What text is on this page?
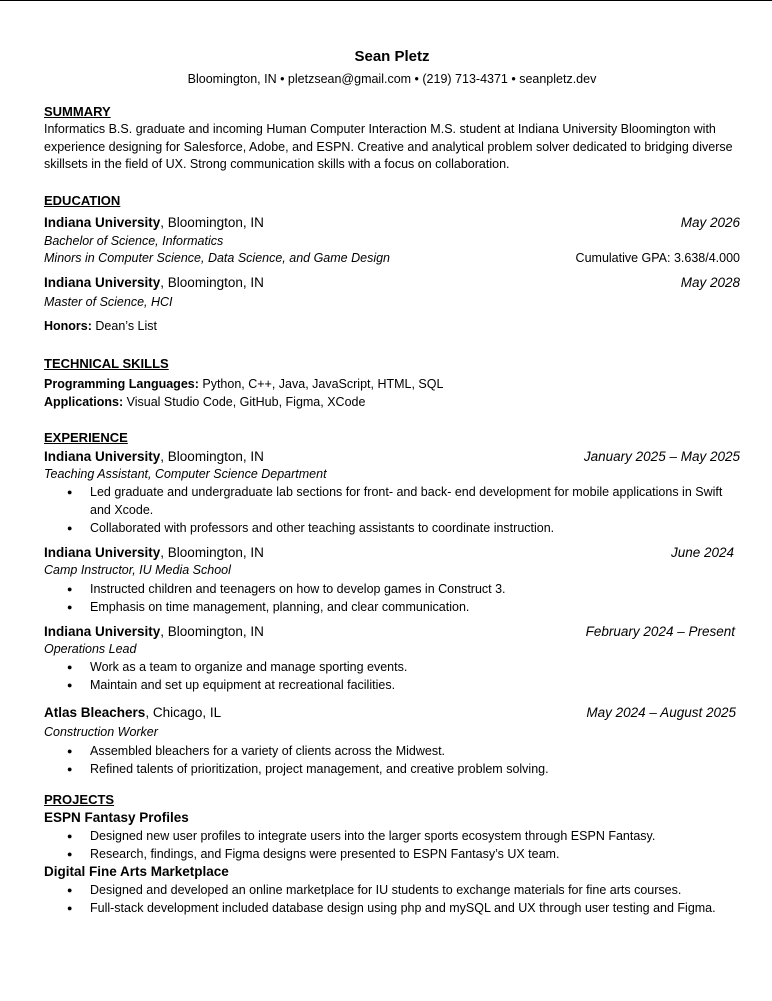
Sean Pletz
Bloomington, IN • pletzsean@gmail.com • (219) 713-4371 • seanpletz.dev
SUMMARY
Informatics B.S. graduate and incoming Human Computer Interaction M.S. student at Indiana University Bloomington with experience designing for Salesforce, Adobe, and ESPN. Creative and analytical problem solver dedicated to bridging diverse skillsets in the field of UX. Strong communication skills with a focus on collaboration.
EDUCATION
Indiana University, Bloomington, IN	May 2026
Bachelor of Science, Informatics
Minors in Computer Science, Data Science, and Game Design	Cumulative GPA: 3.638/4.000
Indiana University, Bloomington, IN	May 2028
Master of Science, HCI
Honors: Dean’s List
TECHNICAL SKILLS
Programming Languages: Python, C++, Java, JavaScript, HTML, SQL
Applications: Visual Studio Code, GitHub, Figma, XCode
EXPERIENCE
Indiana University, Bloomington, IN	January 2025 – May 2025
Teaching Assistant, Computer Science Department
● Led graduate and undergraduate lab sections for front- and back- end development for mobile applications in Swift and Xcode.
● Collaborated with professors and other teaching assistants to coordinate instruction.
Indiana University, Bloomington, IN	June 2024
Camp Instructor, IU Media School
● Instructed children and teenagers on how to develop games in Construct 3.
● Emphasis on time management, planning, and clear communication.
Indiana University, Bloomington, IN	February 2024 – Present
Operations Lead
● Work as a team to organize and manage sporting events.
● Maintain and set up equipment at recreational facilities.
Atlas Bleachers, Chicago, IL	May 2024 – August 2025
Construction Worker
● Assembled bleachers for a variety of clients across the Midwest.
● Refined talents of prioritization, project management, and creative problem solving.
PROJECTS
ESPN Fantasy Profiles
● Designed new user profiles to integrate users into the larger sports ecosystem through ESPN Fantasy.
● Research, findings, and Figma designs were presented to ESPN Fantasy’s UX team.
Digital Fine Arts Marketplace
● Designed and developed an online marketplace for IU students to exchange materials for fine arts courses.
● Full-stack development included database design using php and mySQL and UX through user testing and Figma.
